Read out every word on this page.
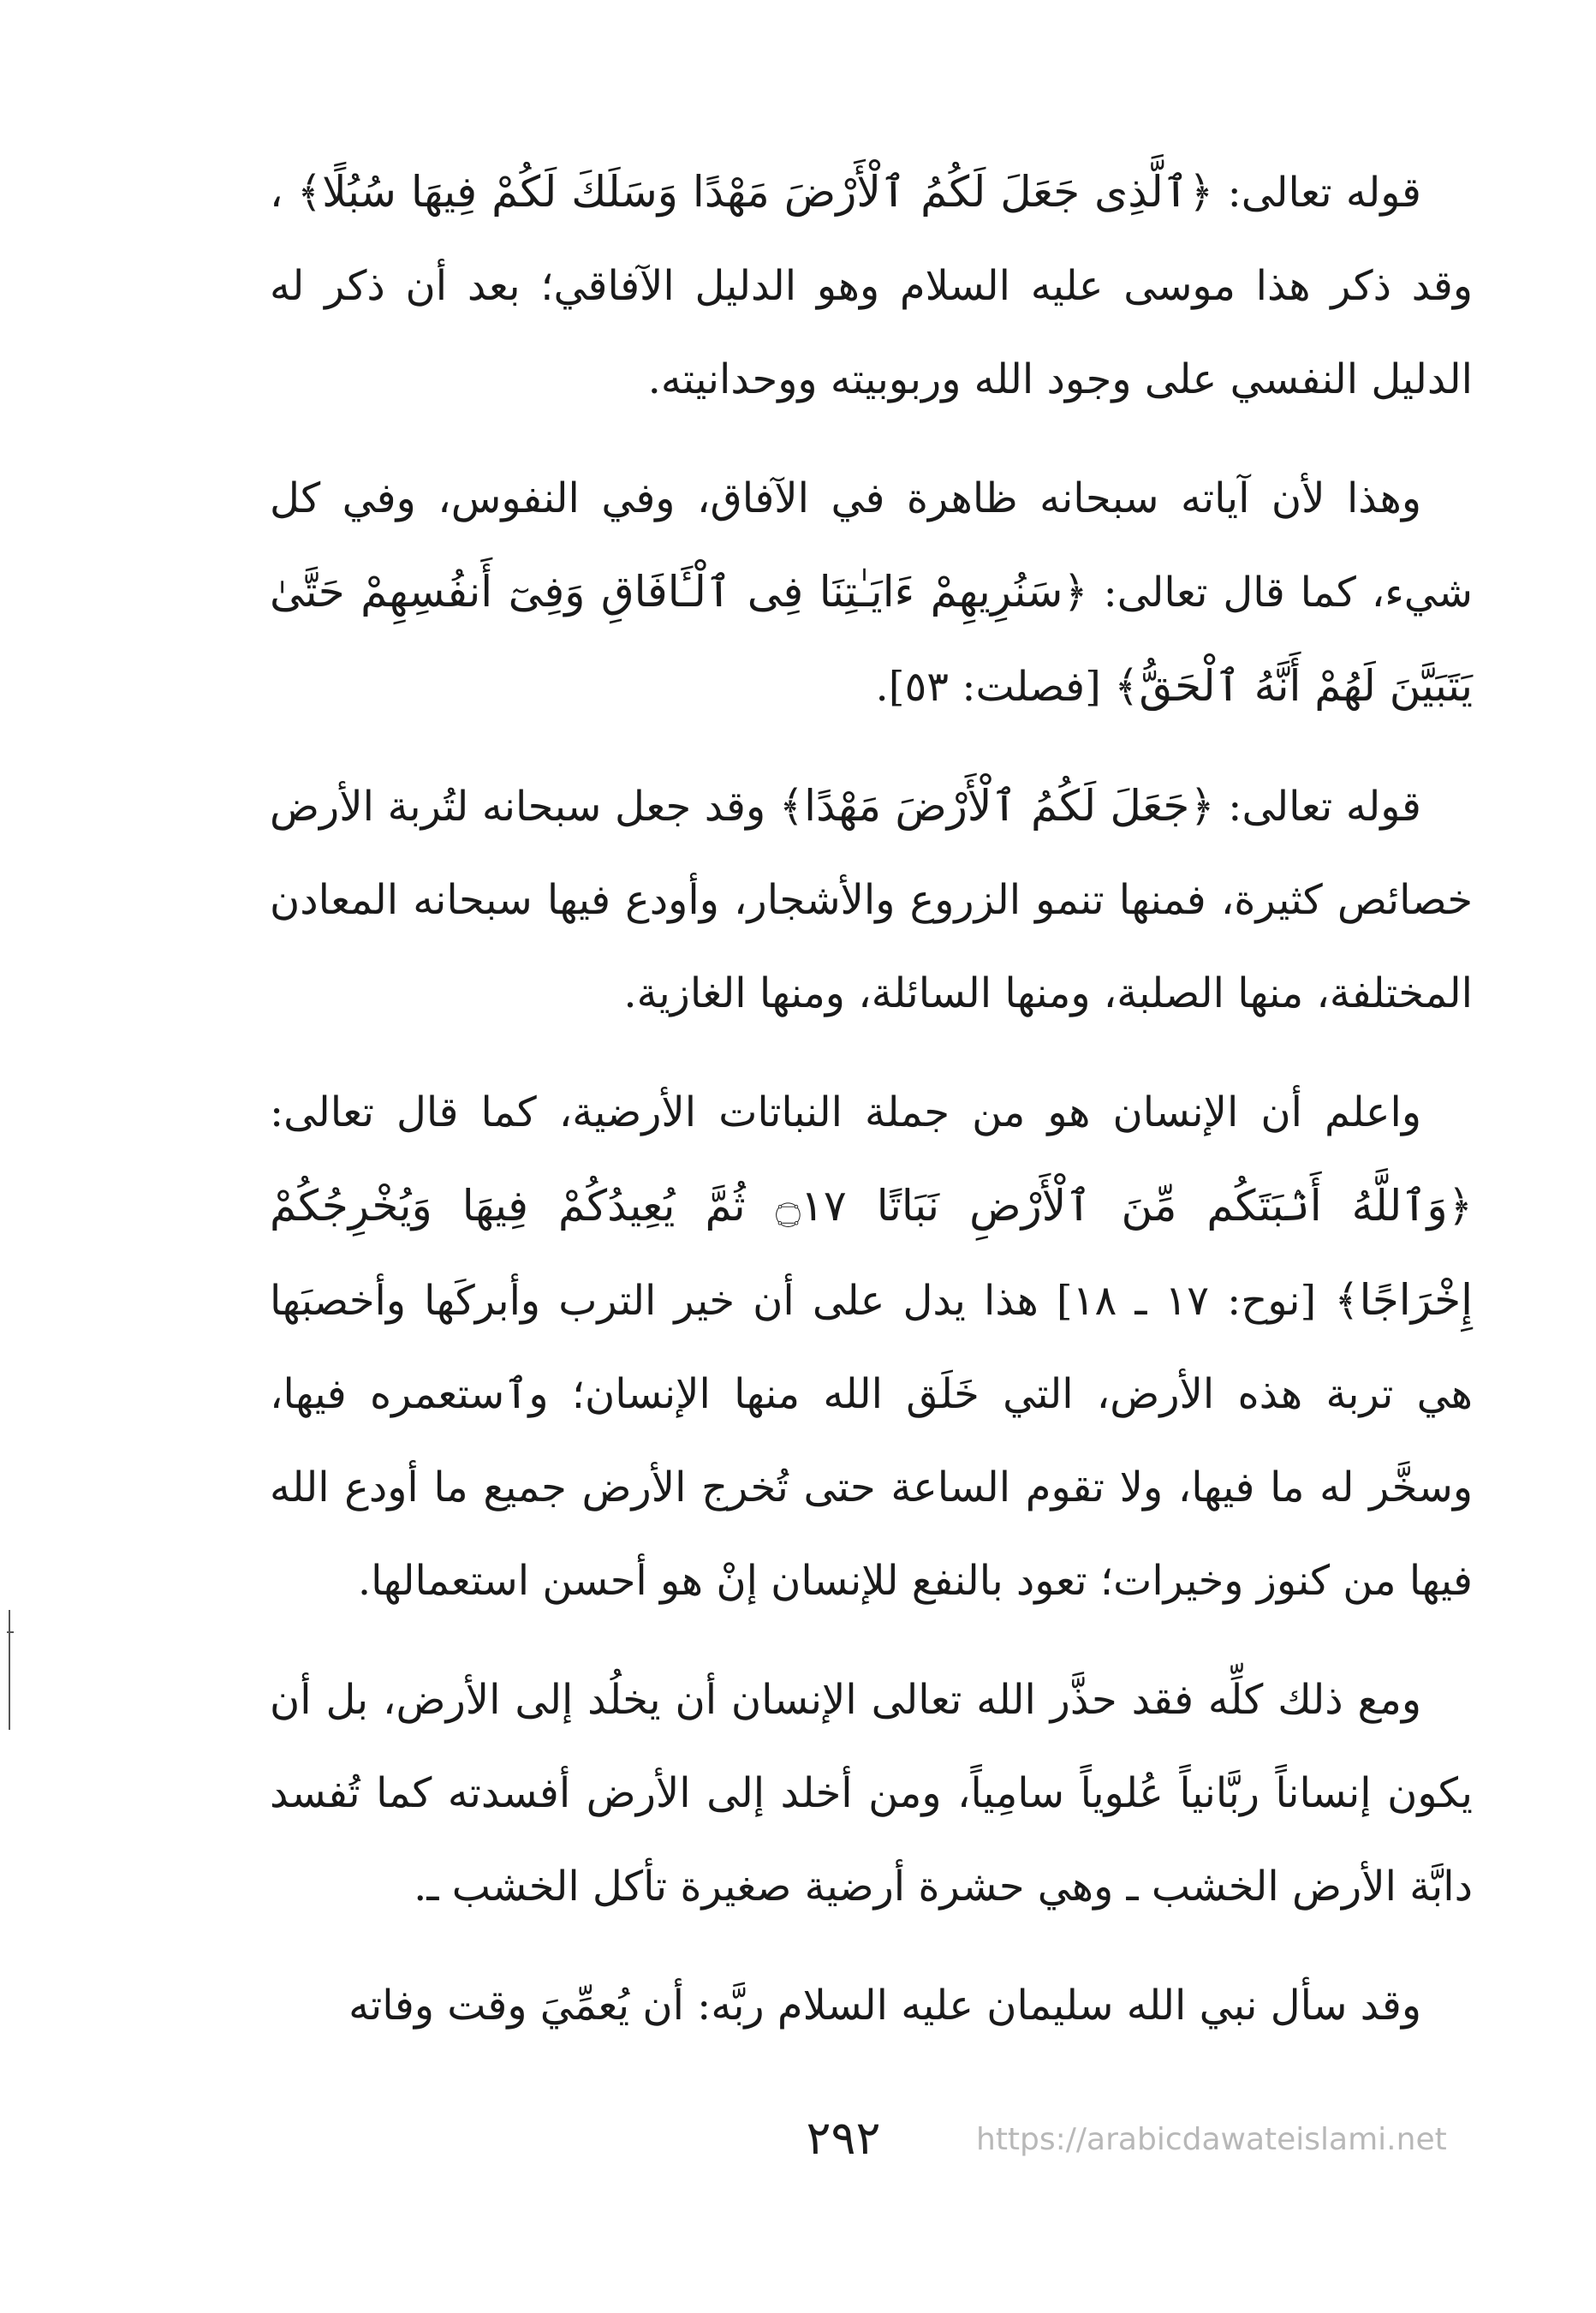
قوله تعالى: ﴿ٱلَّذِى جَعَلَ لَكُمُ ٱلْأَرْضَ مَهْدًا وَسَلَكَ لَكُمْ فِيهَا سُبُلًا﴾ ، وقد ذكر هذا موسى عليه السلام وهو الدليل الآفاقي؛ بعد أن ذكر له الدليل النفسي على وجود الله وربوبيته ووحدانيته.

وهذا لأن آياته سبحانه ظاهرة في الآفاق، وفي النفوس، وفي كل شيء، كما قال تعالى: ﴿سَنُرِيهِمْ ءَايَـٰتِنَا فِى ٱلْـَٔافَاقِ وَفِىٓ أَنفُسِهِمْ حَتَّىٰ يَتَبَيَّنَ لَهُمْ أَنَّهُ ٱلْحَقُّ﴾ [فصلت: ٥٣].

قوله تعالى: ﴿جَعَلَ لَكُمُ ٱلْأَرْضَ مَهْدًا﴾ وقد جعل سبحانه لتُربة الأرض خصائص كثيرة، فمنها تنمو الزروع والأشجار، وأودع فيها سبحانه المعادن المختلفة، منها الصلبة، ومنها السائلة، ومنها الغازية.

واعلم أن الإنسان هو من جملة النباتات الأرضية، كما قال تعالى: ﴿وَٱللَّهُ أَنۢبَتَكُم مِّنَ ٱلْأَرْضِ نَبَاتًا ۝١٧ ثُمَّ يُعِيدُكُمْ فِيهَا وَيُخْرِجُكُمْ إِخْرَاجًا﴾ [نوح: ١٧ ـ ١٨] هذا يدل على أن خير الترب وأبركَها وأخصبَها هي تربة هذه الأرض، التي خَلَق الله منها الإنسان؛ وٱستعمره فيها، وسخَّر له ما فيها، ولا تقوم الساعة حتى تُخرج الأرض جميع ما أودع الله فيها من كنوز وخيرات؛ تعود بالنفع للإنسان إنْ هو أحسن استعمالها.

ومع ذلك كلِّه فقد حذَّر الله تعالى الإنسان أن يخلُد إلى الأرض، بل أن يكون إنساناً ربَّانياً عُلوياً سامِياً، ومن أخلد إلى الأرض أفسدته كما تُفسد دابَّة الأرض الخشب ـ وهي حشرة أرضية صغيرة تأكل الخشب ـ.

وقد سأل نبي الله سليمان عليه السلام ربَّه: أن يُعمِّيَ وقت وفاته

٢٩٢	https://arabicdawateislami.net
